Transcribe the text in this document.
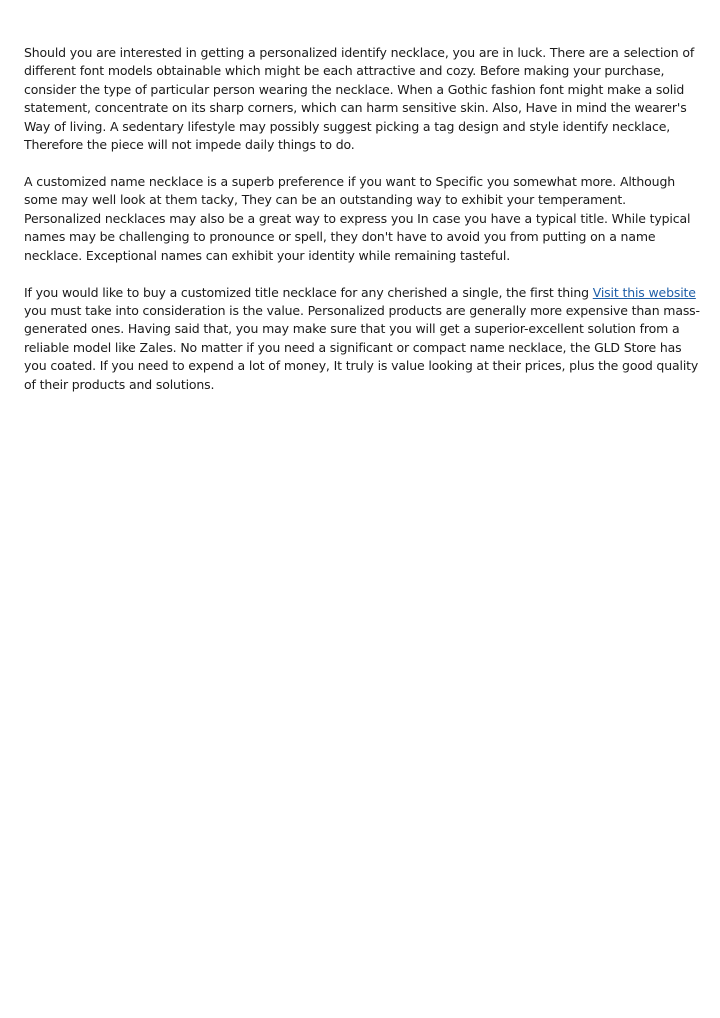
Should you are interested in getting a personalized identify necklace, you are in luck. There are a selection of different font models obtainable which might be each attractive and cozy. Before making your purchase, consider the type of particular person wearing the necklace. When a Gothic fashion font might make a solid statement, concentrate on its sharp corners, which can harm sensitive skin. Also, Have in mind the wearer's Way of living. A sedentary lifestyle may possibly suggest picking a tag design and style identify necklace, Therefore the piece will not impede daily things to do.

A customized name necklace is a superb preference if you want to Specific you somewhat more. Although some may well look at them tacky, They can be an outstanding way to exhibit your temperament. Personalized necklaces may also be a great way to express you In case you have a typical title. While typical names may be challenging to pronounce or spell, they don't have to avoid you from putting on a name necklace. Exceptional names can exhibit your identity while remaining tasteful.

If you would like to buy a customized title necklace for any cherished a single, the first thing Visit this website you must take into consideration is the value. Personalized products are generally more expensive than mass-generated ones. Having said that, you may make sure that you will get a superior-excellent solution from a reliable model like Zales. No matter if you need a significant or compact name necklace, the GLD Store has you coated. If you need to expend a lot of money, It truly is value looking at their prices, plus the good quality of their products and solutions.
